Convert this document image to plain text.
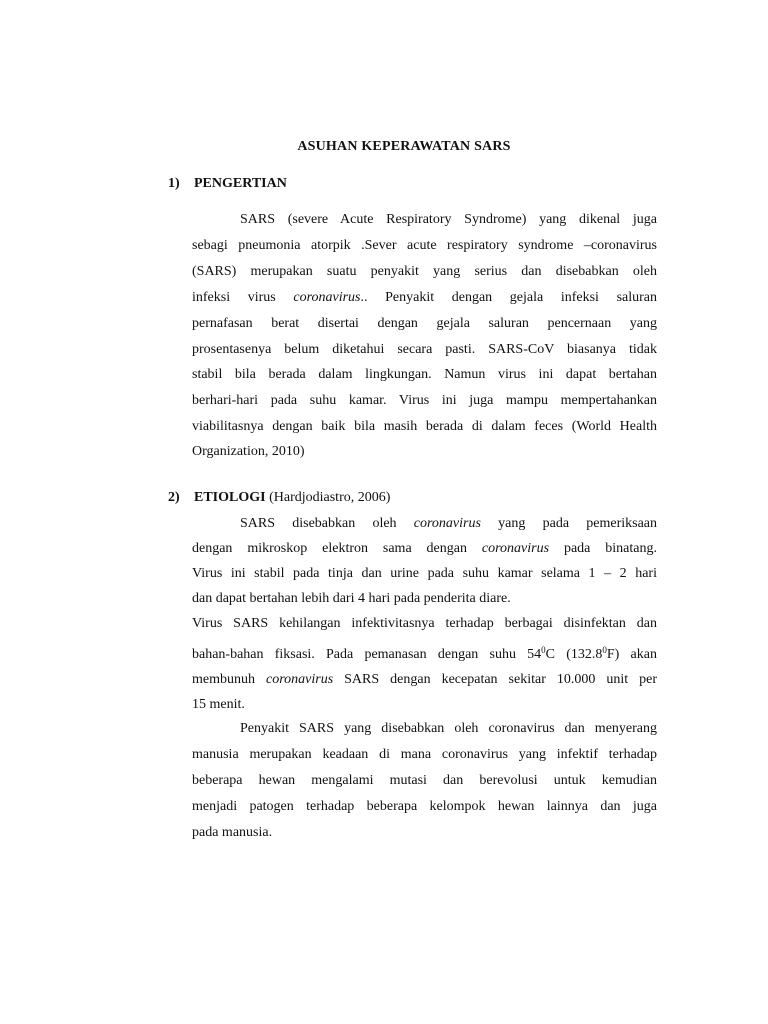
ASUHAN KEPERAWATAN SARS
1) PENGERTIAN
SARS (severe Acute Respiratory Syndrome) yang dikenal juga
sebagi pneumonia atorpik .Sever acute respiratory syndrome –coronavirus
(SARS) merupakan suatu penyakit yang serius dan disebabkan oleh
infeksi virus coronavirus.. Penyakit dengan gejala infeksi saluran
pernafasan berat disertai dengan gejala saluran pencernaan yang
prosentasenya belum diketahui secara pasti. SARS-CoV biasanya tidak
stabil bila berada dalam lingkungan. Namun virus ini dapat bertahan
berhari-hari pada suhu kamar. Virus ini juga mampu mempertahankan
viabilitasnya dengan baik bila masih berada di dalam feces (World Health
Organization, 2010)
2) ETIOLOGI (Hardjodiastro, 2006)
SARS disebabkan oleh coronavirus yang pada pemeriksaan
dengan mikroskop elektron sama dengan coronavirus pada binatang.
Virus ini stabil pada tinja dan urine pada suhu kamar selama 1 – 2 hari
dan dapat bertahan lebih dari 4 hari pada penderita diare.
Virus SARS kehilangan infektivitasnya terhadap berbagai disinfektan dan
bahan-bahan fiksasi. Pada pemanasan dengan suhu $54^0C$ (132.8$^0$F) akan
membunuh coronavirus SARS dengan kecepatan sekitar 10.000 unit per
15 menit.
Penyakit SARS yang disebabkan oleh coronavirus dan menyerang
manusia merupakan keadaan di mana coronavirus yang infektif terhadap
beberapa hewan mengalami mutasi dan berevolusi untuk kemudian
menjadi patogen terhadap beberapa kelompok hewan lainnya dan juga
pada manusia.
